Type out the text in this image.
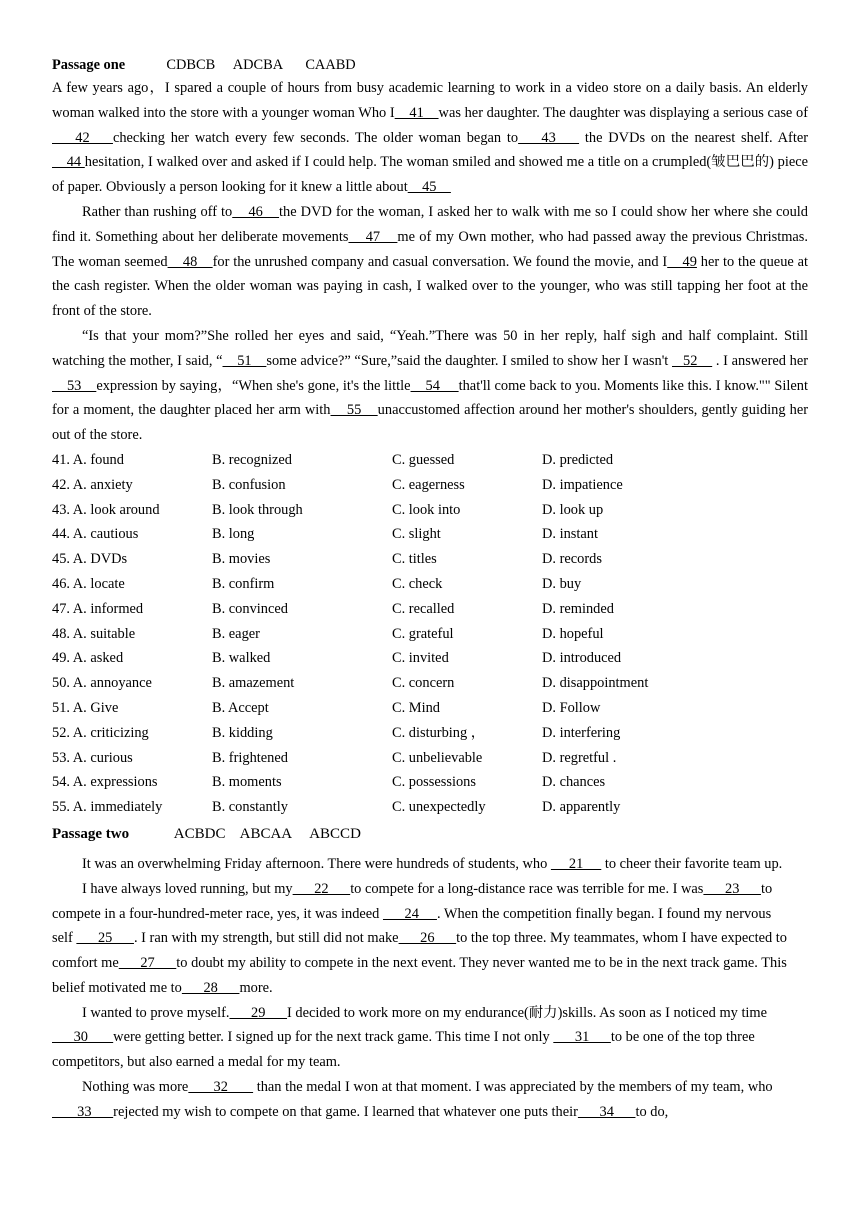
Passage one	CDBCB    ADCBA     CAABD

A few years ago，I spared a couple of hours from busy academic learning to work in a video store on a daily basis. An elderly woman walked into the store with a younger woman Who I    41    was her daughter. The daughter was displaying a serious case of    42    checking her watch every few seconds. The older woman began to    43     the DVDs on the nearest shelf. After    44 hesitation, I walked over and asked if I could help. The woman smiled and showed me a title on a crumpled(皱巴巴的) piece of paper. Obviously a person looking for it knew a little about    45

Rather than rushing off to    46    the DVD for the woman, I asked her to walk with me so I could show her where she could find it. Something about her deliberate movements    47    me of my Own mother, who had passed away the previous Christmas. The woman seemed    48    for the unrushed company and casual conversation. We found the movie, and I    49 her to the queue at the cash register. When the older woman was paying in cash, I walked over to the younger, who was still tapping her foot at the front of the store.

“Is that your mom?”She rolled her eyes and said, “Yeah.”There was 50 in her reply, half sigh and half complaint. Still watching the mother, I said, “    51    some advice?” “Sure,”said the daughter. I smiled to show her I wasn't    52     . I answered her    53    expression by saying，“When she's gone, it's the little    54     that'll come back to you. Moments like this. I know."" Silent for a moment, the daughter placed her arm with    55    unaccustomed affection around her mother's shoulders, gently guiding her out of the store.

41. A. found	B. recognized	C. guessed	D. predicted
42. A. anxiety	B. confusion	C. eagerness	D. impatience
43. A. look around	B. look through	C. look into	D. look up
44. A. cautious	B. long	C. slight	D. instant
45. A. DVDs	B. movies	C. titles	D. records
46. A. locate	B. confirm	C. check	D. buy
47. A. informed	B. convinced	C. recalled	D. reminded
48. A. suitable	B. eager	C. grateful	D. hopeful
49. A. asked	B. walked	C. invited	D. introduced
50. A. annoyance	B. amazement	C. concern	D. disappointment
51. A. Give	B. Accept	C. Mind	D. Follow
52. A. criticizing	B. kidding	C. disturbing ，	D. interfering
53. A. curious	B. frightened	C. unbelievable	D. regretful .
54. A. expressions	B. moments	C. possessions	D. chances
55. A. immediately	B. constantly	C. unexpectedly	D. apparently
Passage two	ACBDC    ABCAA     ABCCD

It was an overwhelming Friday afternoon. There were hundreds of students, who      21      to cheer their favorite team up.

I have always loved running, but my      22      to compete for a long-distance race was terrible for me. I was      23      to compete in a four-hundred-meter race, yes, it was indeed       24     . When the competition finally began. I found my nervous self       25      . I ran with my strength, but still did not make      26      to the top three. My teammates, whom I have expected to comfort me      27      to doubt my ability to compete in the next event. They never wanted me to be in the next track game. This belief motivated me to      28      more.

I wanted to prove myself.      29      I decided to work more on my endurance(耐力)skills. As soon as I noticed my time      30       were getting better. I signed up for the next track game. This time I not only       31      to be one of the top three competitors, but also earned a medal for my team.

Nothing was more       32        than the medal I won at that moment. I was appreciated by the members of my team, who       33      rejected my wish to compete on that game. I learned that whatever one puts their      34      to do,
